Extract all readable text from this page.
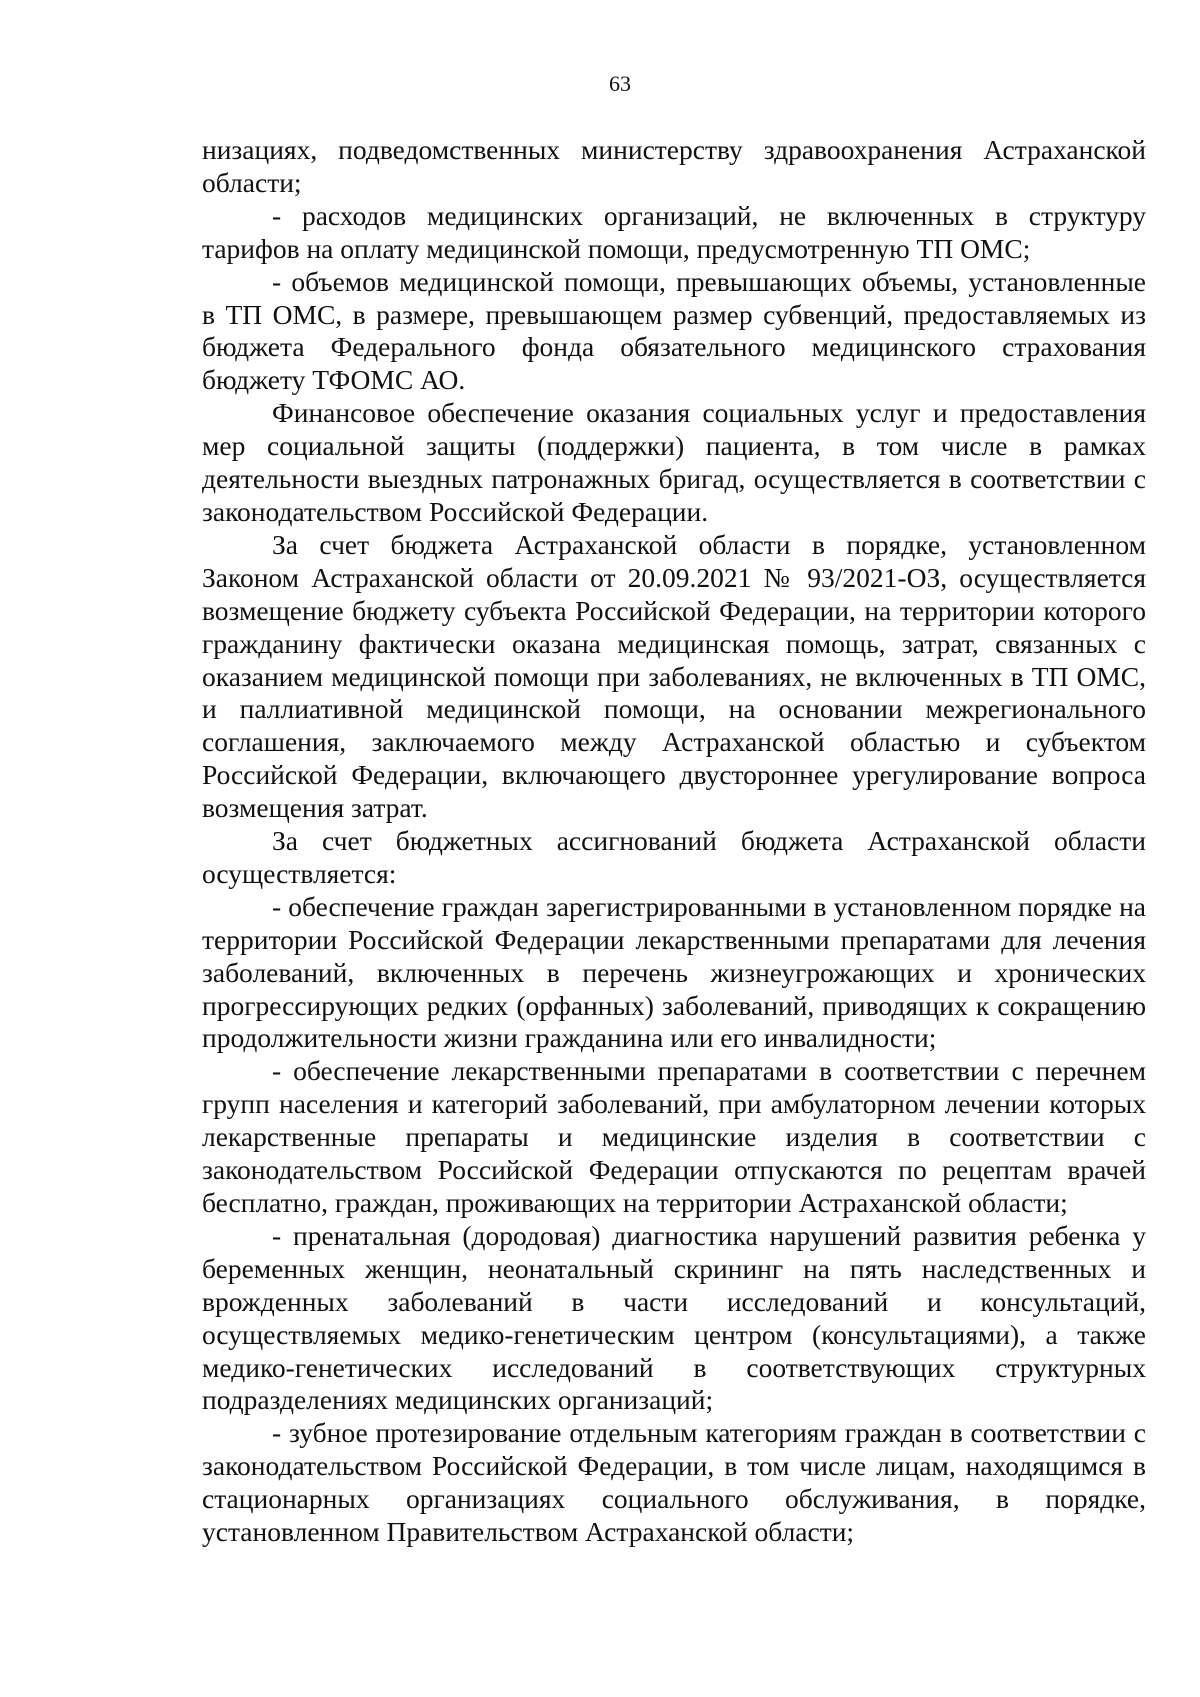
63

низациях, подведомственных министерству здравоохранения Астраханской области;

- расходов медицинских организаций, не включенных в структуру тарифов на оплату медицинской помощи, предусмотренную ТП ОМС;

- объемов медицинской помощи, превышающих объемы, установленные в ТП ОМС, в размере, превышающем размер субвенций, предоставляемых из бюджета Федерального фонда обязательного медицинского страхования бюджету ТФОМС АО.

Финансовое обеспечение оказания социальных услуг и предоставления мер социальной защиты (поддержки) пациента, в том числе в рамках деятельности выездных патронажных бригад, осуществляется в соответствии с законодательством Российской Федерации.

За счет бюджета Астраханской области в порядке, установленном Законом Астраханской области от 20.09.2021 № 93/2021-ОЗ, осуществляется возмещение бюджету субъекта Российской Федерации, на территории которого гражданину фактически оказана медицинская помощь, затрат, связанных с оказанием медицинской помощи при заболеваниях, не включенных в ТП ОМС, и паллиативной медицинской помощи, на основании межрегионального соглашения, заключаемого между Астраханской областью и субъектом Российской Федерации, включающего двустороннее урегулирование вопроса возмещения затрат.

За счет бюджетных ассигнований бюджета Астраханской области осуществляется:

- обеспечение граждан зарегистрированными в установленном порядке на территории Российской Федерации лекарственными препаратами для лечения заболеваний, включенных в перечень жизнеугрожающих и хронических прогрессирующих редких (орфанных) заболеваний, приводящих к сокращению продолжительности жизни гражданина или его инвалидности;

- обеспечение лекарственными препаратами в соответствии с перечнем групп населения и категорий заболеваний, при амбулаторном лечении которых лекарственные препараты и медицинские изделия в соответствии с законодательством Российской Федерации отпускаются по рецептам врачей бесплатно, граждан, проживающих на территории Астраханской области;

- пренатальная (дородовая) диагностика нарушений развития ребенка у беременных женщин, неонатальный скрининг на пять наследственных и врожденных заболеваний в части исследований и консультаций, осуществляемых медико-генетическим центром (консультациями), а также медико-генетических исследований в соответствующих структурных подразделениях медицинских организаций;

- зубное протезирование отдельным категориям граждан в соответствии с законодательством Российской Федерации, в том числе лицам, находящимся в стационарных организациях социального обслуживания, в порядке, установленном Правительством Астраханской области;
